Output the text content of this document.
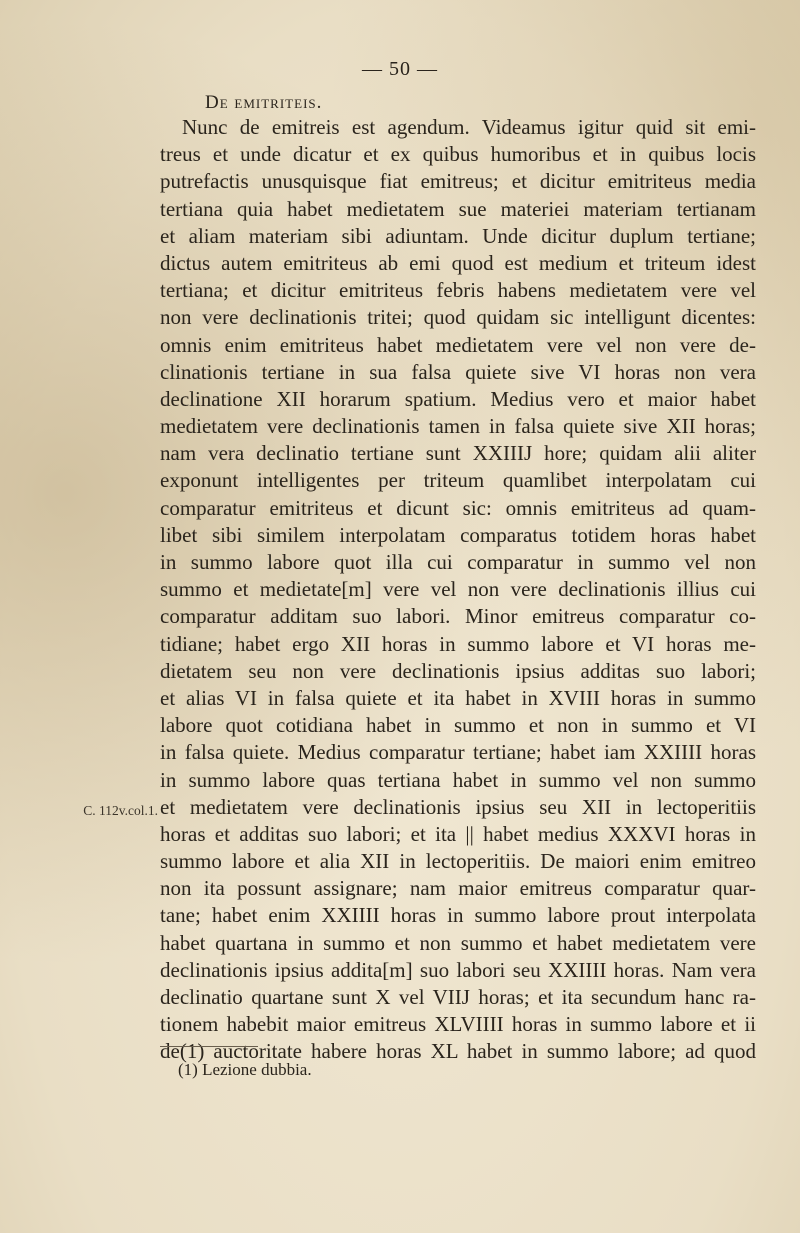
— 50 —
De emitriteis.
C. 112v.col.1.
Nunc de emitreis est agendum. Videamus igitur quid sit emi-
treus et unde dicatur et ex quibus humoribus et in quibus locis
putrefactis unusquisque fiat emitreus; et dicitur emitriteus media
tertiana quia habet medietatem sue materiei materiam tertianam
et aliam materiam sibi adiuntam. Unde dicitur duplum tertiane;
dictus autem emitriteus ab emi quod est medium et triteum idest
tertiana; et dicitur emitriteus febris habens medietatem vere vel
non vere declinationis tritei; quod quidam sic intelligunt dicentes:
omnis enim emitriteus habet medietatem vere vel non vere de-
clinationis tertiane in sua falsa quiete sive VI horas non vera
declinatione XII horarum spatium. Medius vero et maior habet
medietatem vere declinationis tamen in falsa quiete sive XII horas;
nam vera declinatio tertiane sunt XXIIIJ hore; quidam alii aliter
exponunt intelligentes per triteum quamlibet interpolatam cui
comparatur emitriteus et dicunt sic: omnis emitriteus ad quam-
libet sibi similem interpolatam comparatus totidem horas habet
in summo labore quot illa cui comparatur in summo vel non
summo et medietate[m] vere vel non vere declinationis illius cui
comparatur additam suo labori. Minor emitreus comparatur co-
tidiane; habet ergo XII horas in summo labore et VI horas me-
dietatem seu non vere declinationis ipsius additas suo labori;
et alias VI in falsa quiete et ita habet in XVIII horas in summo
labore quot cotidiana habet in summo et non in summo et VI
in falsa quiete. Medius comparatur tertiane; habet iam XXIIII horas
in summo labore quas tertiana habet in summo vel non summo
et medietatem vere declinationis ipsius seu XII in lectoperitiis
horas et additas suo labori; et ita || habet medius XXXVI horas in
summo labore et alia XII in lectoperitiis. De maiori enim emitreo
non ita possunt assignare; nam maior emitreus comparatur quar-
tane; habet enim XXIIII horas in summo labore prout interpolata
habet quartana in summo et non summo et habet medietatem vere
declinationis ipsius addita[m] suo labori seu XXIIII horas. Nam vera
declinatio quartane sunt X vel VIIJ horas; et ita secundum hanc ra-
tionem habebit maior emitreus XLVIIII horas in summo labore et ii
de(1) auctoritate habere horas XL habet in summo labore; ad quod
(1) Lezione dubbia.
